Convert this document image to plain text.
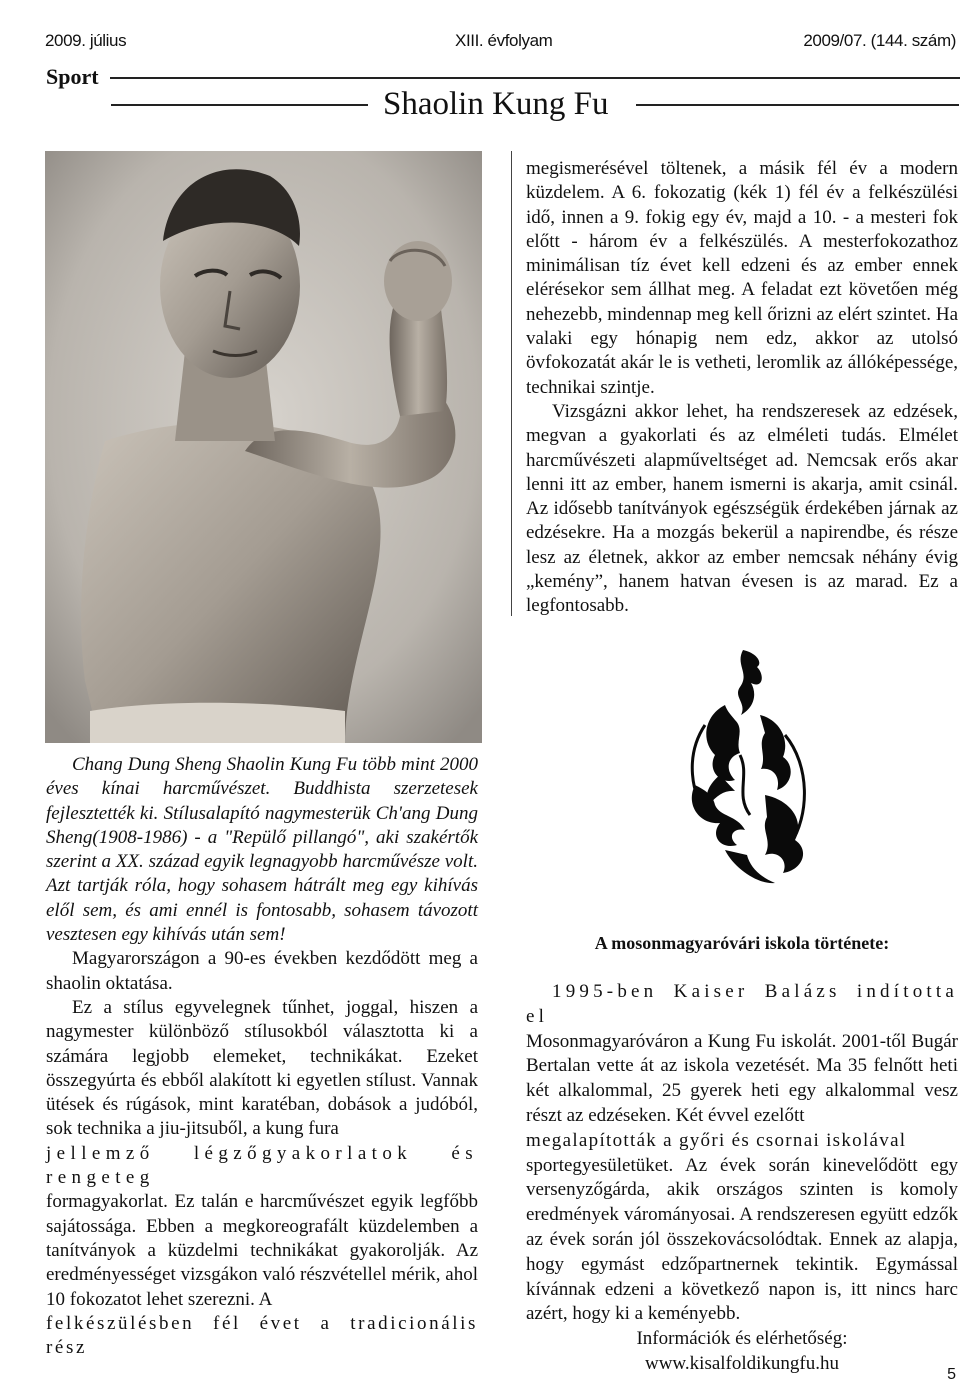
2009. július	XIII. évfolyam	2009/07. (144. szám)
Sport
Shaolin Kung Fu

megismerésével töltenek, a másik fél év a modern küzdelem. A 6. fokozatig (kék 1) fél év a felkészülési idő, innen a 9. fokig egy év, majd a 10. - a mesteri fok előtt - három év a felkészülés. A mesterfokozathoz minimálisan tíz évet kell edzeni és az ember ennek elérésekor sem állhat meg. A feladat ezt követően még nehezebb, mindennap meg kell őrizni az elért szintet. Ha valaki egy hónapig nem edz, akkor az utolsó övfokozatát akár le is vetheti, leromlik az állóképessége, technikai szintje.

Vizsgázni akkor lehet, ha rendszeresek az edzések, megvan a gyakorlati és az elméleti tudás. Elmélet harcművészeti alapműveltséget ad. Nemcsak erős akar lenni itt az ember, hanem ismerni is akarja, amit csinál. Az idősebb tanítványok egészségük érdekében járnak az edzésekre. Ha a mozgás bekerül a napirendbe, és része lesz az életnek, akkor az ember nemcsak néhány évig „kemény”, hanem hatvan évesen is az marad. Ez a legfontosabb.

Chang Dung Sheng Shaolin Kung Fu több mint 2000 éves kínai harcművészet. Buddhista szerzetesek fejlesztették ki. Stílusalapító nagymesterük Ch'ang Dung Sheng(1908-1986) - a "Repülő pillangó", aki szakértők szerint a XX. század egyik legnagyobb harcművésze volt. Azt tartják róla, hogy sohasem hátrált meg egy kihívás elől sem, és ami ennél is fontosabb, sohasem távozott vesztesen egy kihívás után sem!

Magyarországon a 90-es években kezdődött meg a shaolin oktatása.

Ez a stílus egyvelegnek tűnhet, joggal, hiszen a nagymester különböző stílusokból választotta ki a számára legjobb elemeket, technikákat. Ezeket összegyúrta és ebből alakított ki egyetlen stílust. Vannak ütések és rúgások, mint karatéban, dobások a judóból, sok technika a jiu-jitsuből, a kung fura

jellemző légzőgyakorlatok és rengeteg

formagyakorlat. Ez talán e harcművészet egyik legfőbb sajátossága. Ebben a megkoreografált küzdelemben a tanítványok a küzdelmi technikákat gyakorolják. Az eredményességet vizsgákon való részvétellel mérik, ahol 10 fokozatot lehet szerezni. A

felkészülésben fél évet a tradicionális rész

A mosonmagyaróvári iskola története:

1995-ben Kaiser Balázs indította el

Mosonmagyaróváron a Kung Fu iskolát. 2001-től Bugár Bertalan vette át az iskola vezetését. Ma 35 felnőtt heti két alkalommal, 25 gyerek heti egy alkalommal vesz részt az edzéseken. Két évvel ezelőtt

megalapították a győri és csornai iskolával

sportegyesületüket. Az évek során kinevelődött egy versenyzőgárda, akik országos szinten is komoly eredmények várományosai. A rendszeresen együtt edzők az évek során jól összekovácsolódtak. Ennek az alapja, hogy egymást edzőpartnernek tekintik. Egymással kívánnak edzeni a következő napon is, itt nincs harc azért, hogy ki a keményebb.

Információk és elérhetőség:

www.kisalfoldikungfu.hu

5
